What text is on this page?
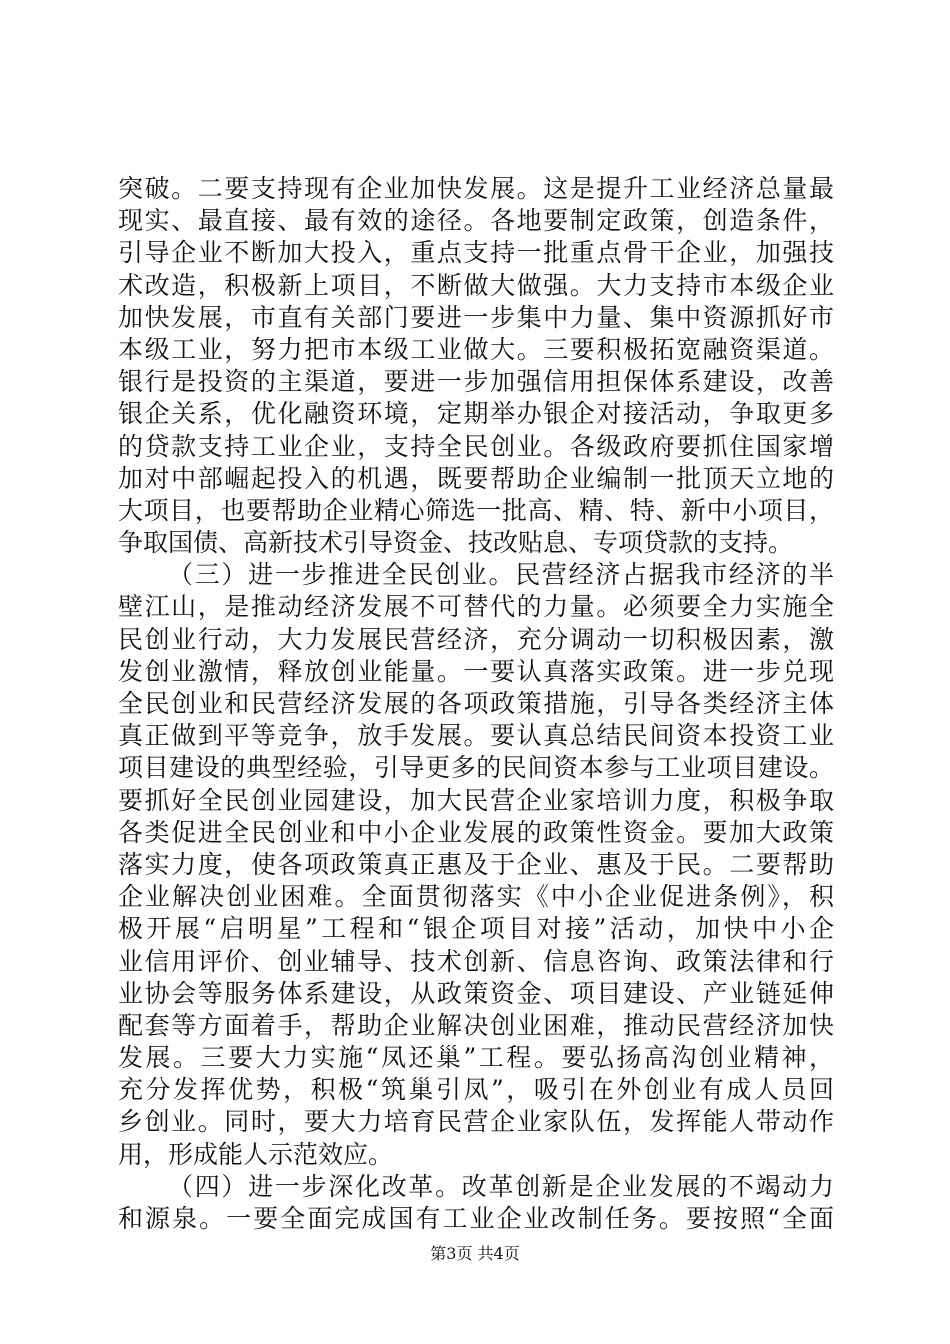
突破。二要支持现有企业加快发展。这是提升工业经济总量最
现实、最直接、最有效的途径。各地要制定政策，创造条件，
引导企业不断加大投入，重点支持一批重点骨干企业，加强技
术改造，积极新上项目，不断做大做强。大力支持市本级企业
加快发展，市直有关部门要进一步集中力量、集中资源抓好市
本级工业，努力把市本级工业做大。三要积极拓宽融资渠道。
银行是投资的主渠道，要进一步加强信用担保体系建设，改善
银企关系，优化融资环境，定期举办银企对接活动，争取更多
的贷款支持工业企业，支持全民创业。各级政府要抓住国家增
加对中部崛起投入的机遇，既要帮助企业编制一批顶天立地的
大项目，也要帮助企业精心筛选一批高、精、特、新中小项目，
争取国债、高新技术引导资金、技改贴息、专项贷款的支持。
（三）进一步推进全民创业。民营经济占据我市经济的半
壁江山，是推动经济发展不可替代的力量。必须要全力实施全
民创业行动，大力发展民营经济，充分调动一切积极因素，激
发创业激情，释放创业能量。一要认真落实政策。进一步兑现
全民创业和民营经济发展的各项政策措施，引导各类经济主体
真正做到平等竞争，放手发展。要认真总结民间资本投资工业
项目建设的典型经验，引导更多的民间资本参与工业项目建设。
要抓好全民创业园建设，加大民营企业家培训力度，积极争取
各类促进全民创业和中小企业发展的政策性资金。要加大政策
落实力度，使各项政策真正惠及于企业、惠及于民。二要帮助
企业解决创业困难。全面贯彻落实《中小企业促进条例》，积
极开展“启明星”工程和“银企项目对接”活动，加快中小企
业信用评价、创业辅导、技术创新、信息咨询、政策法律和行
业协会等服务体系建设，从政策资金、项目建设、产业链延伸
配套等方面着手，帮助企业解决创业困难，推动民营经济加快
发展。三要大力实施“凤还巢”工程。要弘扬高沟创业精神，
充分发挥优势，积极“筑巢引凤”，吸引在外创业有成人员回
乡创业。同时，要大力培育民营企业家队伍，发挥能人带动作
用，形成能人示范效应。
（四）进一步深化改革。改革创新是企业发展的不竭动力
和源泉。一要全面完成国有工业企业改制任务。要按照“全面
第3页 共4页
